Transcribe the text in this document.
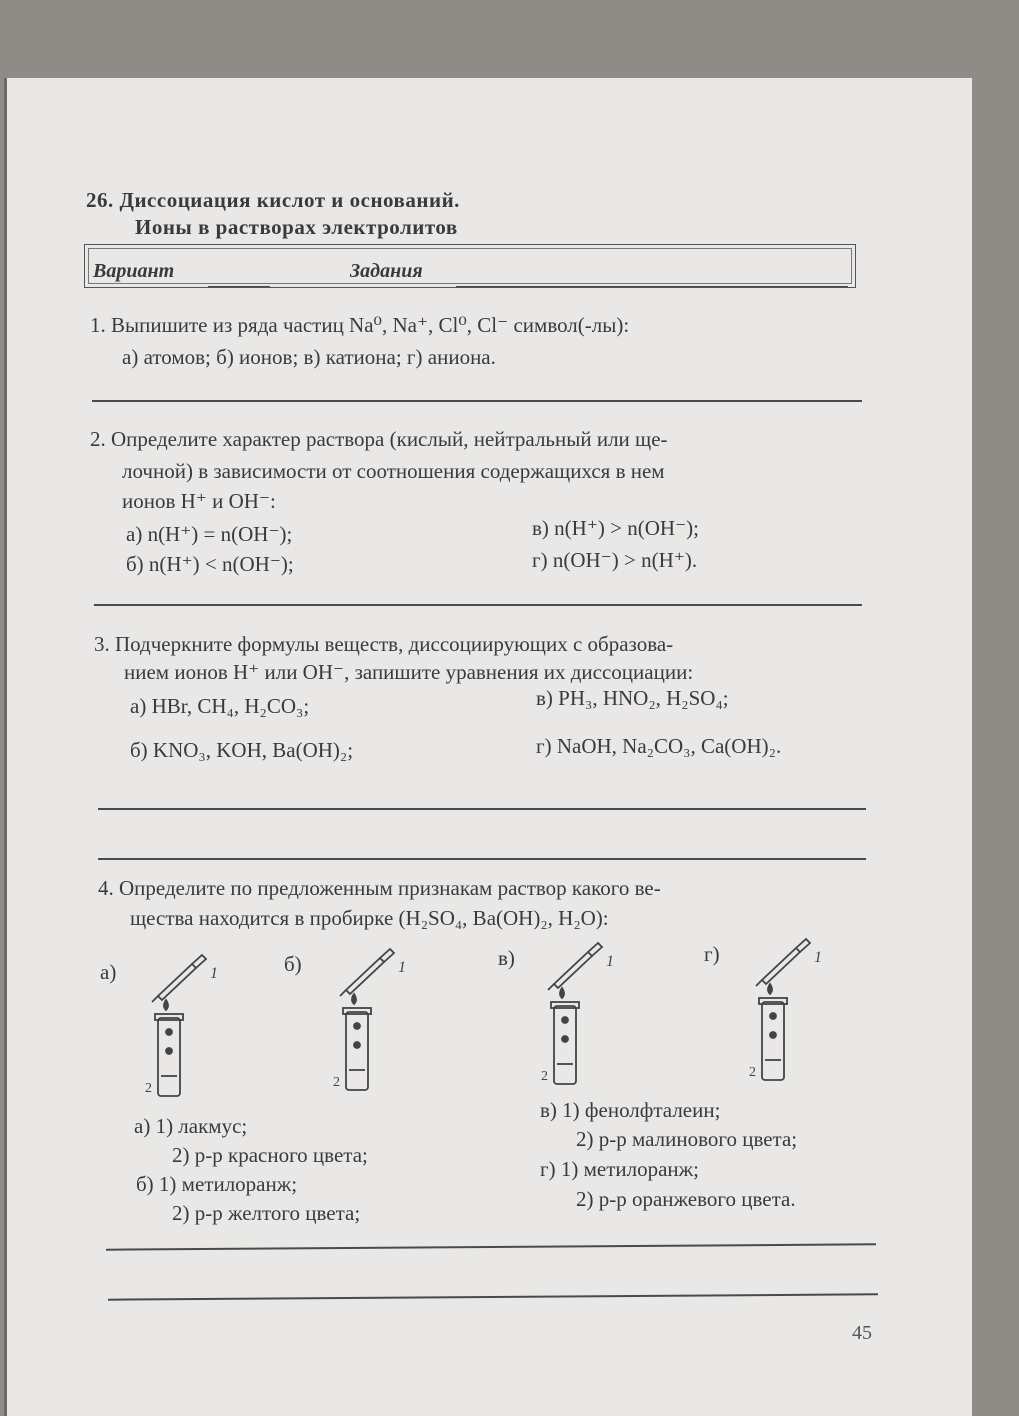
26. Диссоциация кислот и оснований.
Ионы в растворах электролитов
Вариант	Задания
1. Выпишите из ряда частиц Na⁰, Na⁺, Cl⁰, Cl⁻ символ(-лы):
а) атомов; б) ионов; в) катиона; г) аниона.
2. Определите характер раствора (кислый, нейтральный или ще-
лочной) в зависимости от соотношения содержащихся в нем
ионов H⁺ и OH⁻:
а) n(H⁺) = n(OH⁻);
б) n(H⁺) < n(OH⁻);
в) n(H⁺) > n(OH⁻);
г) n(OH⁻) > n(H⁺).
3. Подчеркните формулы веществ, диссоциирующих с образова-
нием ионов H⁺ или OH⁻, запишите уравнения их диссоциации:
а) HBr, CH₄, H₂CO₃;
б) KNO₃, KOH, Ba(OH)₂;
в) PH₃, HNO₂, H₂SO₄;
г) NaOH, Na₂CO₃, Ca(OH)₂.
4. Определите по предложенным признакам раствор какого ве-
щества находится в пробирке (H₂SO₄, Ba(OH)₂, H₂O):
а)	б)	в)	г)
1
2
1
2
1
2
1
2
а) 1) лакмус;
2) р-р красного цвета;
б) 1) метилоранж;
2) р-р желтого цвета;
в) 1) фенолфталеин;
2) р-р малинового цвета;
г) 1) метилоранж;
2) р-р оранжевого цвета.
45
